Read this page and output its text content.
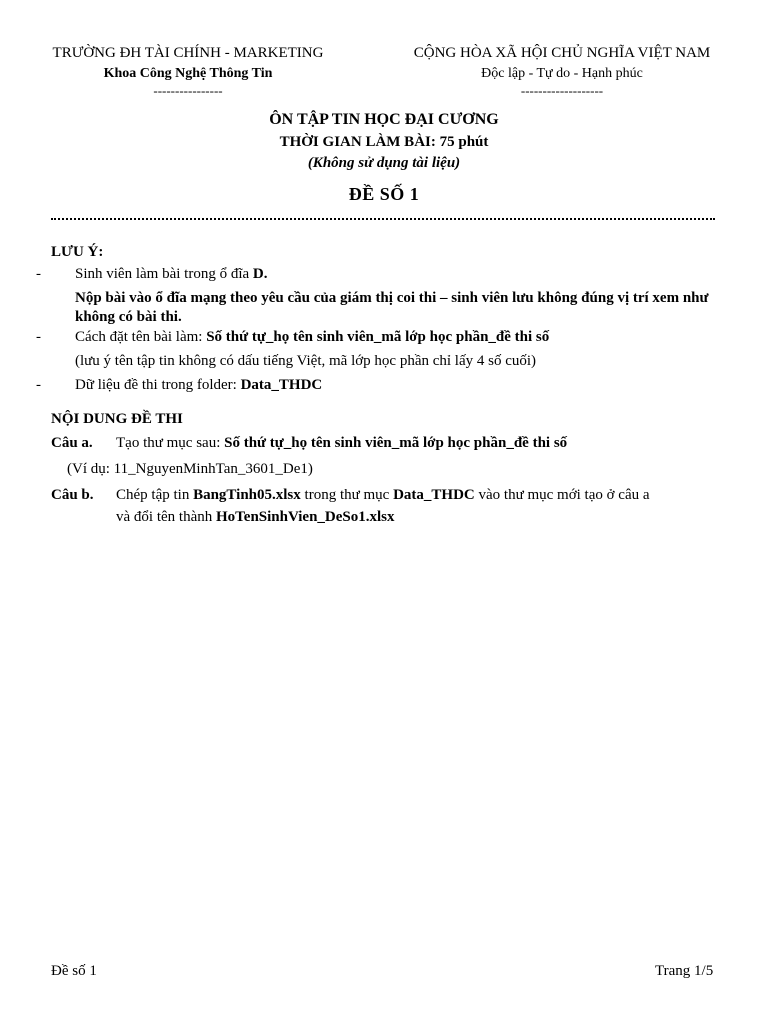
TRƯỜNG ĐH TÀI CHÍNH - MARKETING
Khoa Công Nghệ Thông Tin
----------------
CỘNG HÒA XÃ HỘI CHỦ NGHĨA VIỆT NAM
Độc lập - Tự do - Hạnh phúc
-------------------
ÔN TẬP TIN HỌC ĐẠI CƯƠNG
THỜI GIAN LÀM BÀI: 75 phút
(Không sử dụng tài liệu)
ĐỀ SỐ 1
LƯU Ý:
- Sinh viên làm bài trong ổ đĩa D.
Nộp bài vào ổ đĩa mạng theo yêu cầu của giám thị coi thi – sinh viên lưu không đúng vị trí xem như không có bài thi.
- Cách đặt tên bài làm: Số thứ tự_họ tên sinh viên_mã lớp học phần_đề thi số
(lưu ý tên tập tin không có dấu tiếng Việt, mã lớp học phần chỉ lấy 4 số cuối)
- Dữ liệu đề thi trong folder: Data_THDC
NỘI DUNG ĐỀ THI
Câu a. Tạo thư mục sau: Số thứ tự_họ tên sinh viên_mã lớp học phần_đề thi số
(Ví dụ: 11_NguyenMinhTan_3601_De1)
Câu b. Chép tập tin BangTinh05.xlsx trong thư mục Data_THDC vào thư mục mới tạo ở câu a
và đổi tên thành HoTenSinhVien_DeSo1.xlsx
Đề số 1	Trang 1/5
